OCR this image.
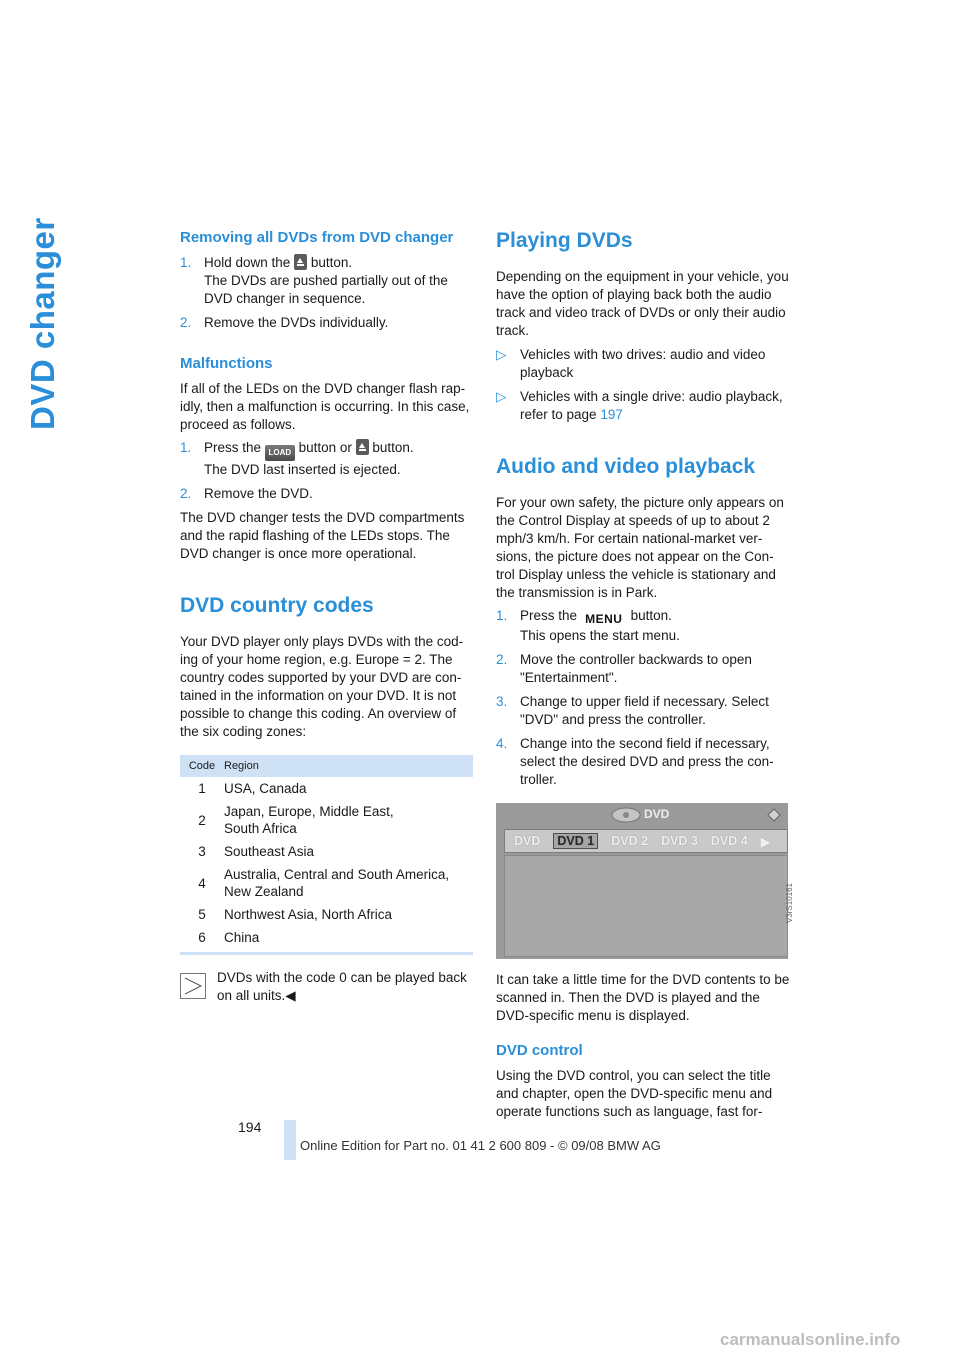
DVD changer	Removing all DVDs from DVD changer
1. Hold down the button.
The DVDs are pushed partially out of the DVD changer in sequence.
2. Remove the DVDs individually.
Malfunctions

If all of the LEDs on the DVD changer flash rap-idly, then a malfunction is occurring. In this case, proceed as follows.

1. Press the LOAD button or button.
The DVD last inserted is ejected.
2. Remove the DVD.

The DVD changer tests the DVD compartments and the rapid flashing of the LEDs stops. The DVD changer is once more operational.

DVD country codes

Your DVD player only plays DVDs with the cod-ing of your home region, e.g. Europe = 2. The country codes supported by your DVD are con-tained in the information on your DVD. It is not possible to change this coding. An overview of the six coding zones:

Code	Region
1	USA, Canada
2	Japan, Europe, Middle East, South Africa
3	Southeast Asia
4	Australia, Central and South America, New Zealand
5	Northwest Asia, North Africa
6	China

DVDs with the code 0 can be played back on all units.◀

Playing DVDs

Depending on the equipment in your vehicle, you have the option of playing back both the audio track and video track of DVDs or only their audio track.

▷ Vehicles with two drives: audio and video playback
▷ Vehicles with a single drive: audio playback, refer to page 197
Audio and video playback

For your own safety, the picture only appears on the Control Display at speeds of up to about 2 mph/3 km/h. For certain national-market ver-sions, the picture does not appear on the Con-trol Display unless the vehicle is stationary and the transmission is in Park.

1. Press the MENU button.
This opens the start menu.
2. Move the controller backwards to open "Entertainment".
3. Change to upper field if necessary. Select "DVD" and press the controller.
4. Change into the second field if necessary, select the desired DVD and press the con-troller.
DVD
DVD	DVD 1	DVD 2 DVD 3 DVD 4 ▶
V3rS10161

It can take a little time for the DVD contents to be scanned in. Then the DVD is played and the DVD-specific menu is displayed.

DVD control

Using the DVD control, you can select the title and chapter, open the DVD-specific menu and operate functions such as language, fast for-

194
Online Edition for Part no. 01 41 2 600 809 - © 09/08 BMW AG
carmanualsonline.info
